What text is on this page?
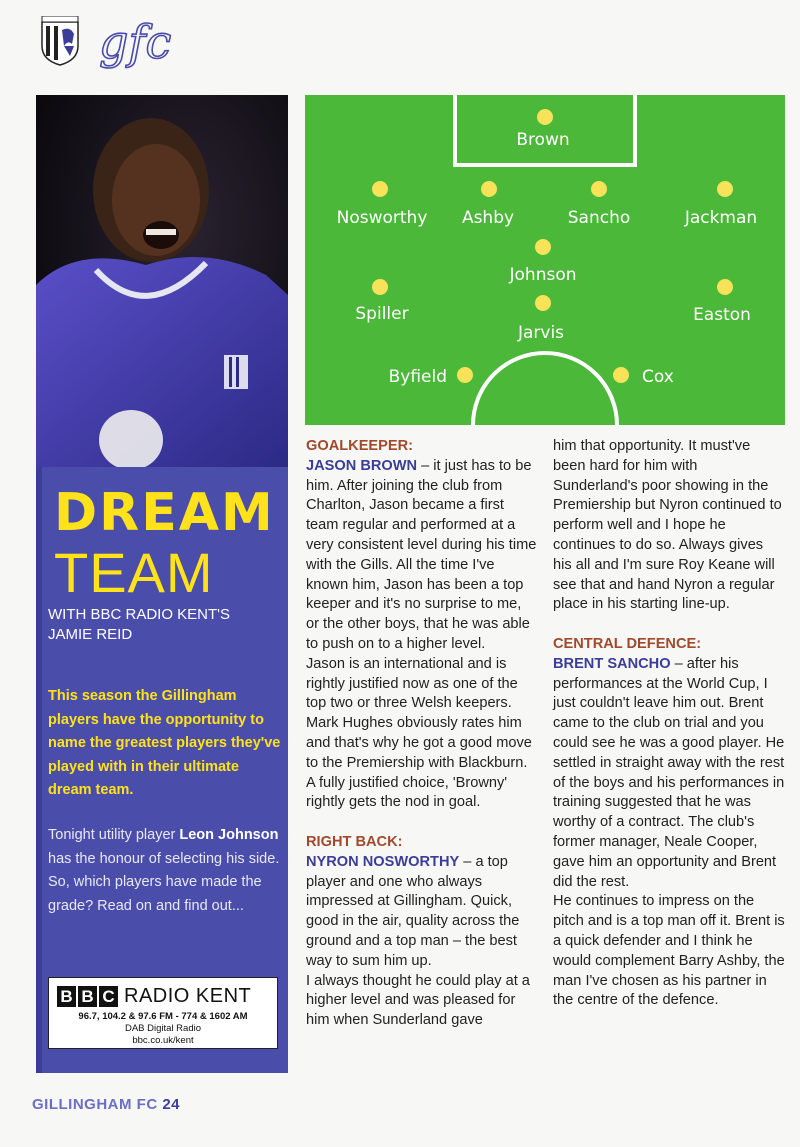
gfc
DREAM
TEAM
WITH BBC RADIO KENT'S
JAMIE REID
This season the Gillingham players have the opportunity to name the greatest players they've played with in their ultimate dream team.
Tonight utility player Leon Johnson has the honour of selecting his side. So, which players have made the grade? Read on and find out...
B B C RADIO KENT
96.7, 104.2 & 97.6 FM - 774 & 1602 AM
DAB Digital Radio
bbc.co.uk/kent
Brown
Nosworthy Ashby	Sancho	Jackman
Johnson
Spiller
Jarvis
Easton
Byfield	Cox

GOALKEEPER:

JASON BROWN – it just has to be him. After joining the club from Charlton, Jason became a first team regular and performed at a very consistent level during his time with the Gills. All the time I've known him, Jason has been a top keeper and it's no surprise to me, or the other boys, that he was able to push on to a higher level.

Jason is an international and is rightly justified now as one of the top two or three Welsh keepers. Mark Hughes obviously rates him and that's why he got a good move to the Premiership with Blackburn. A fully justified choice, 'Browny' rightly gets the nod in goal.

RIGHT BACK:

NYRON NOSWORTHY – a top player and one who always impressed at Gillingham. Quick, good in the air, quality across the ground and a top man – the best way to sum him up.

I always thought he could play at a higher level and was pleased for him when Sunderland gave

him that opportunity. It must've been hard for him with Sunderland's poor showing in the Premiership but Nyron continued to perform well and I hope he continues to do so. Always gives his all and I'm sure Roy Keane will see that and hand Nyron a regular place in his starting line-up.

CENTRAL DEFENCE:

BRENT SANCHO – after his performances at the World Cup, I just couldn't leave him out. Brent came to the club on trial and you could see he was a good player. He settled in straight away with the rest of the boys and his performances in training suggested that he was worthy of a contract. The club's former manager, Neale Cooper, gave him an opportunity and Brent did the rest.

He continues to impress on the pitch and is a top man off it. Brent is a quick defender and I think he would complement Barry Ashby, the man I've chosen as his partner in the centre of the defence.

GILLINGHAM FC 24
